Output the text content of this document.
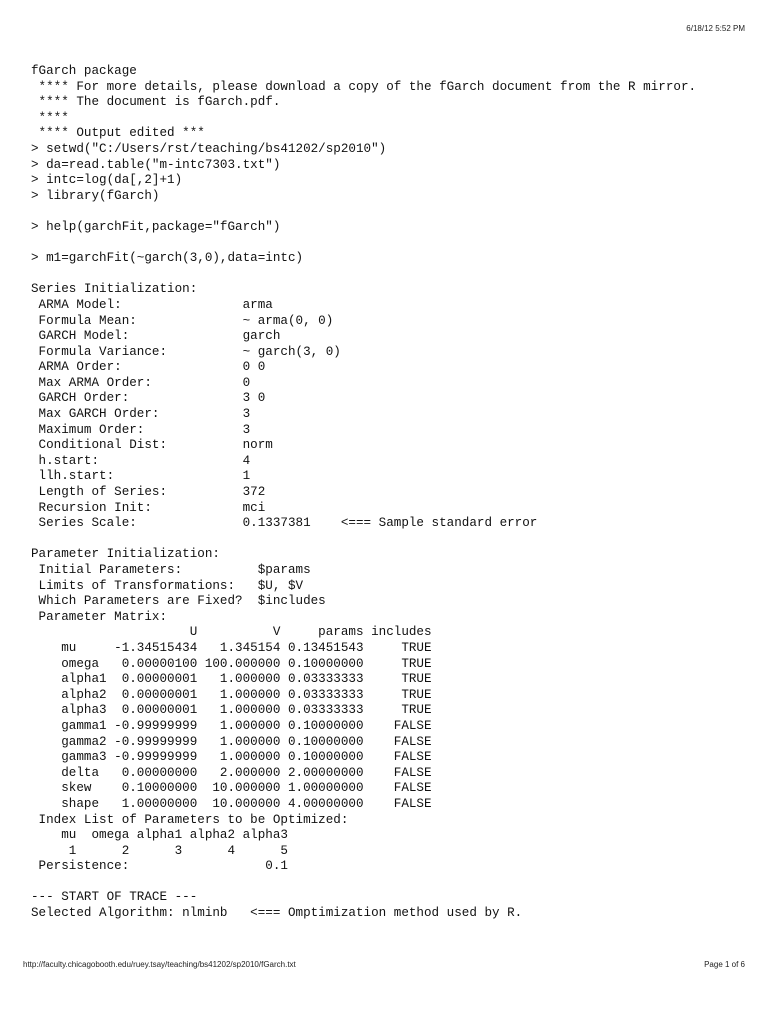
6/18/12 5:52 PM
fGarch package
**** For more details, please download a copy of the fGarch document from the R mirror.
**** The document is fGarch.pdf.
****
**** Output edited ***
> setwd("C:/Users/rst/teaching/bs41202/sp2010")
> da=read.table("m-intc7303.txt")
> intc=log(da[,2]+1)
> library(fGarch)
> help(garchFit,package="fGarch")
> m1=garchFit(~garch(3,0),data=intc)
Series Initialization:
ARMA Model:                arma
Formula Mean:              ~ arma(0, 0)
GARCH Model:               garch
Formula Variance:          ~ garch(3, 0)
ARMA Order:                0 0
Max ARMA Order:            0
GARCH Order:               3 0
Max GARCH Order:           3
Maximum Order:             3
Conditional Dist:          norm
h.start:                   4
llh.start:                 1
Length of Series:          372
Recursion Init:            mci
Series Scale:              0.1337381    <=== Sample standard error
Parameter Initialization:
Initial Parameters:          $params
Limits of Transformations:   $U, $V
Which Parameters are Fixed?  $includes
Parameter Matrix:
U          V     params includes
mu     -1.34515434   1.345154 0.13451543     TRUE
omega   0.00000100 100.000000 0.10000000     TRUE
alpha1  0.00000001   1.000000 0.03333333     TRUE
alpha2  0.00000001   1.000000 0.03333333     TRUE
alpha3  0.00000001   1.000000 0.03333333     TRUE
gamma1 -0.99999999   1.000000 0.10000000    FALSE
gamma2 -0.99999999   1.000000 0.10000000    FALSE
gamma3 -0.99999999   1.000000 0.10000000    FALSE
delta   0.00000000   2.000000 2.00000000    FALSE
skew    0.10000000  10.000000 1.00000000    FALSE
shape   1.00000000  10.000000 4.00000000    FALSE
Index List of Parameters to be Optimized:
mu  omega alpha1 alpha2 alpha3
1      2      3      4      5
Persistence:                  0.1
--- START OF TRACE ---
Selected Algorithm: nlminb   <=== Omptimization method used by R.
http://faculty.chicagobooth.edu/ruey.tsay/teaching/bs41202/sp2010/fGarch.txt	Page 1 of 6
